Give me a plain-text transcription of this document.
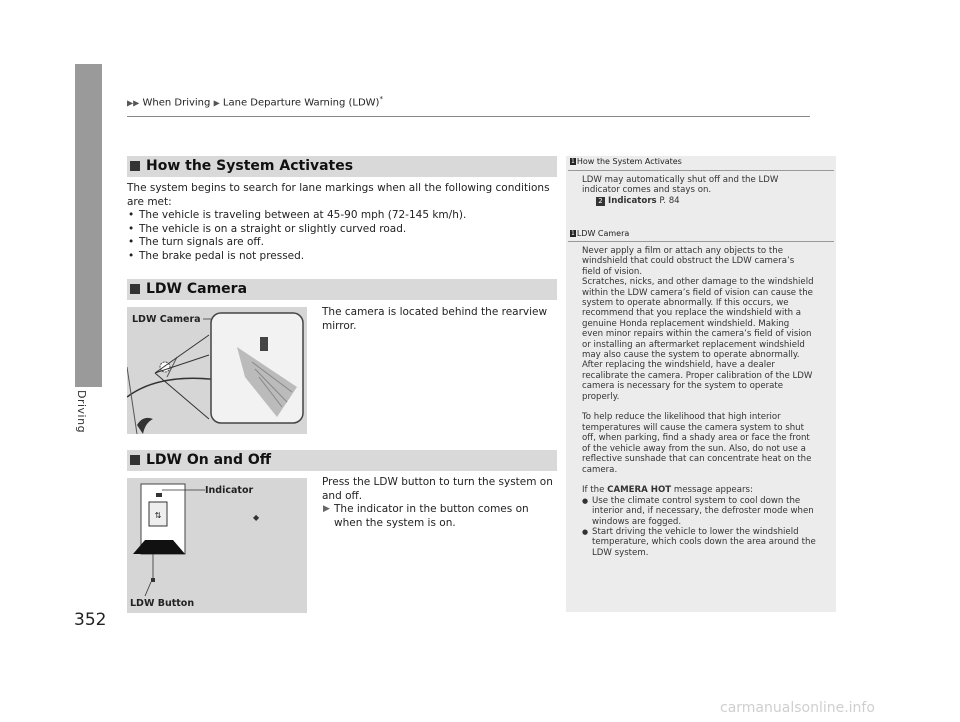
▶▶ When Driving ▶ Lane Departure Warning (LDW)*
Driving
352
How the System Activates
The system begins to search for lane markings when all the following conditions are met:
• The vehicle is traveling between at 45-90 mph (72-145 km/h).
• The vehicle is on a straight or slightly curved road.
• The turn signals are off.
• The brake pedal is not pressed.
LDW Camera
LDW Camera
The camera is located behind the rearview
mirror.
LDW On and Off
⇅	◆
Indicator
LDW Button
Press the LDW button to turn the system on
and off.
▶ The indicator in the button comes on
when the system is on.
1 How the System Activates
LDW may automatically shut off and the LDW
indicator comes and stays on.
2 Indicators P. 84
1 LDW Camera
Never apply a film or attach any objects to the
windshield that could obstruct the LDW camera’s
field of vision.
Scratches, nicks, and other damage to the windshield
within the LDW camera’s field of vision can cause the
system to operate abnormally. If this occurs, we
recommend that you replace the windshield with a
genuine Honda replacement windshield. Making
even minor repairs within the camera’s field of vision
or installing an aftermarket replacement windshield
may also cause the system to operate abnormally.
After replacing the windshield, have a dealer
recalibrate the camera. Proper calibration of the LDW
camera is necessary for the system to operate
properly.
To help reduce the likelihood that high interior
temperatures will cause the camera system to shut
off, when parking, find a shady area or face the front
of the vehicle away from the sun. Also, do not use a
reflective sunshade that can concentrate heat on the
camera.
If the CAMERA HOT message appears:
● Use the climate control system to cool down the interior and, if necessary, the defroster mode when windows are fogged.
● Start driving the vehicle to lower the windshield temperature, which cools down the area around the LDW system.
carmanualsonline.info
